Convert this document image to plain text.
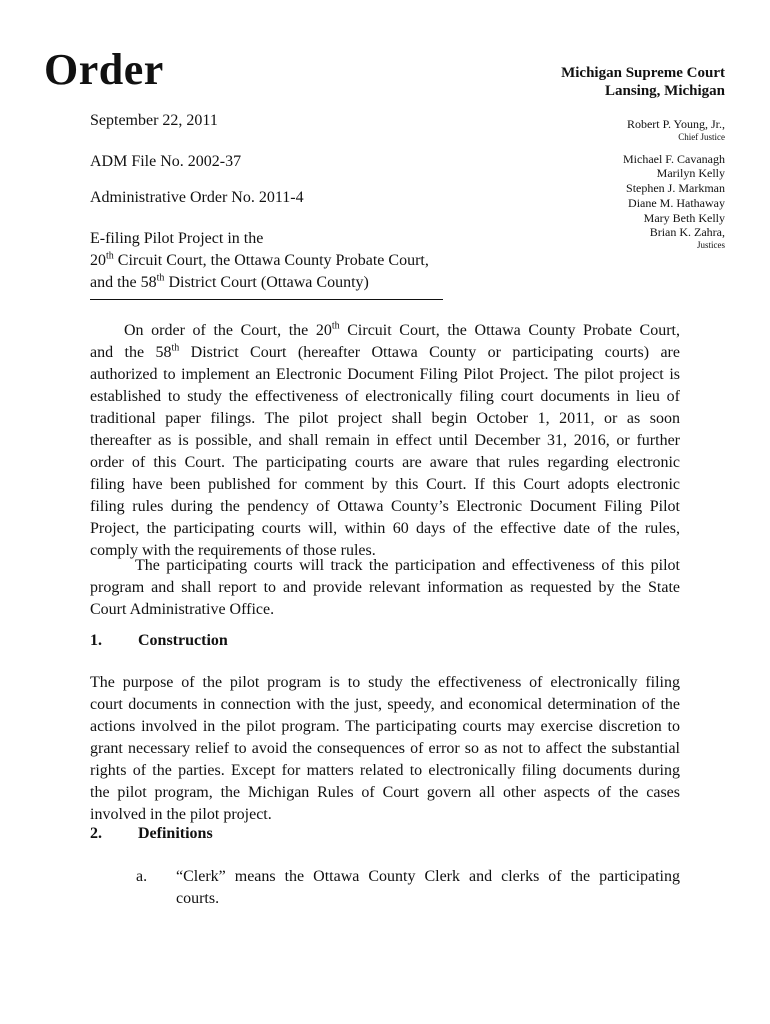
Order	Michigan Supreme Court
Lansing, Michigan
Robert P. Young, Jr.,
Chief Justice
Michael F. Cavanagh
Marilyn Kelly
Stephen J. Markman
Diane M. Hathaway
Mary Beth Kelly
Brian K. Zahra,
Justices
September 22, 2011
ADM File No. 2002-37
Administrative Order No. 2011-4
E-filing Pilot Project in the
20th Circuit Court, the Ottawa County Probate Court,
and the 58th District Court (Ottawa County)
On order of the Court, the 20th Circuit Court, the Ottawa County Probate Court,
and the 58th District Court (hereafter Ottawa County or participating courts) are
authorized to implement an Electronic Document Filing Pilot Project. The pilot project is
established to study the effectiveness of electronically filing court documents in lieu of
traditional paper filings. The pilot project shall begin October 1, 2011, or as soon
thereafter as is possible, and shall remain in effect until December 31, 2016, or further
order of this Court. The participating courts are aware that rules regarding electronic
filing have been published for comment by this Court. If this Court adopts electronic
filing rules during the pendency of Ottawa County’s Electronic Document Filing Pilot
Project, the participating courts will, within 60 days of the effective date of the rules,
comply with the requirements of those rules.
The participating courts will track the participation and effectiveness of this pilot
program and shall report to and provide relevant information as requested by the State
Court Administrative Office.
1. Construction
The purpose of the pilot program is to study the effectiveness of electronically filing
court documents in connection with the just, speedy, and economical determination of the
actions involved in the pilot program. The participating courts may exercise discretion to
grant necessary relief to avoid the consequences of error so as not to affect the substantial
rights of the parties. Except for matters related to electronically filing documents during
the pilot program, the Michigan Rules of Court govern all other aspects of the cases
involved in the pilot project.
2. Definitions
a. “Clerk” means the Ottawa County Clerk and clerks of the participating
courts.
